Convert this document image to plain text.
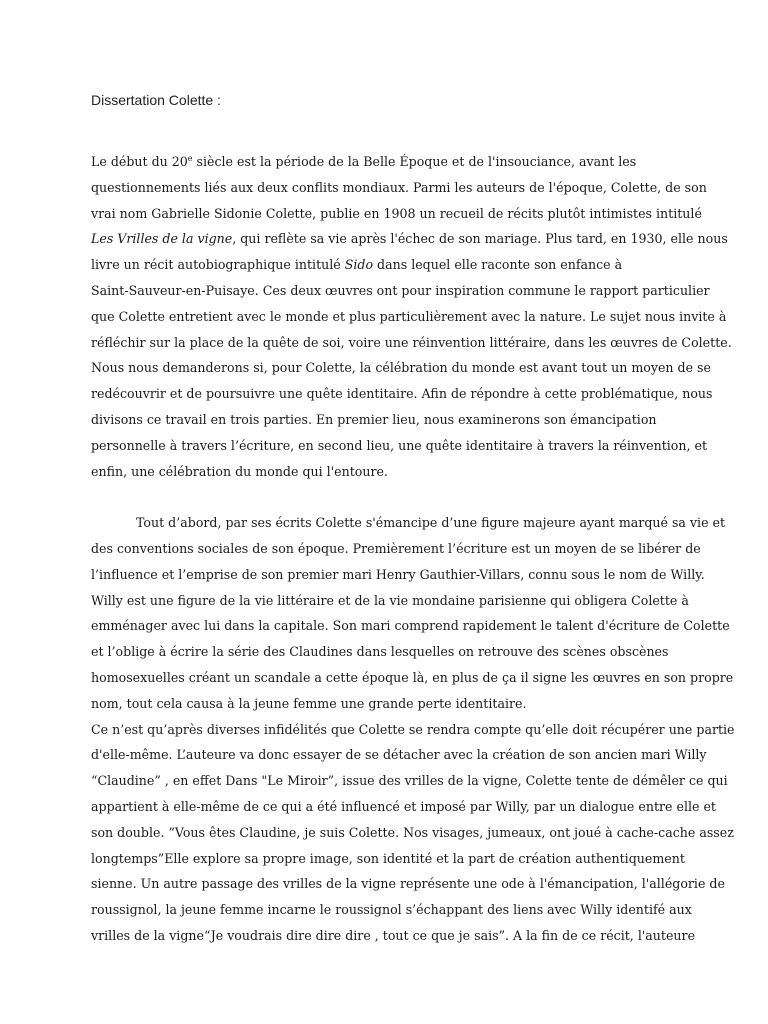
Dissertation Colette :

Le début du 20e siècle est la période de la Belle Époque et de l'insouciance, avant les
questionnements liés aux deux conflits mondiaux. Parmi les auteurs de l'époque, Colette, de son
vrai nom Gabrielle Sidonie Colette, publie en 1908 un recueil de récits plutôt intimistes intitulé
Les Vrilles de la vigne, qui reflète sa vie après l'échec de son mariage. Plus tard, en 1930, elle nous
livre un récit autobiographique intitulé Sido dans lequel elle raconte son enfance à
Saint-Sauveur-en-Puisaye. Ces deux œuvres ont pour inspiration commune le rapport particulier
que Colette entretient avec le monde et plus particulièrement avec la nature. Le sujet nous invite à
réfléchir sur la place de la quête de soi, voire une réinvention littéraire, dans les œuvres de Colette.
Nous nous demanderons si, pour Colette, la célébration du monde est avant tout un moyen de se
redécouvrir et de poursuivre une quête identitaire. Afin de répondre à cette problématique, nous
divisons ce travail en trois parties. En premier lieu, nous examinerons son émancipation
personnelle à travers l’écriture, en second lieu, une quête identitaire à travers la réinvention, et
enfin, une célébration du monde qui l'entoure.

Tout d’abord, par ses écrits Colette s'émancipe d’une figure majeure ayant marqué sa vie et
des conventions sociales de son époque. Premièrement l’écriture est un moyen de se libérer de
l’influence et l’emprise de son premier mari Henry Gauthier-Villars, connu sous le nom de Willy.
Willy est une figure de la vie littéraire et de la vie mondaine parisienne qui obligera Colette à
emménager avec lui dans la capitale. Son mari comprend rapidement le talent d'écriture de Colette
et l’oblige à écrire la série des Claudines dans lesquelles on retrouve des scènes obscènes
homosexuelles créant un scandale a cette époque là, en plus de ça il signe les œuvres en son propre
nom, tout cela causa à la jeune femme une grande perte identitaire.

Ce n’est qu’après diverses infidélités que Colette se rendra compte qu’elle doit récupérer une partie
d'elle-même. L’auteure va donc essayer de se détacher avec la création de son ancien mari Willy
“Claudine” , en effet Dans "Le Miroir”, issue des vrilles de la vigne, Colette tente de démêler ce qui
appartient à elle-même de ce qui a été influencé et imposé par Willy, par un dialogue entre elle et
son double. ”Vous êtes Claudine, je suis Colette. Nos visages, jumeaux, ont joué à cache-cache assez
longtemps”Elle explore sa propre image, son identité et la part de création authentiquement
sienne. Un autre passage des vrilles de la vigne représente une ode à l'émancipation, l'allégorie de
roussignol, la jeune femme incarne le roussignol s’échappant des liens avec Willy identifé aux
vrilles de la vigne“Je voudrais dire dire dire , tout ce que je sais”. A la fin de ce récit, l'auteure
